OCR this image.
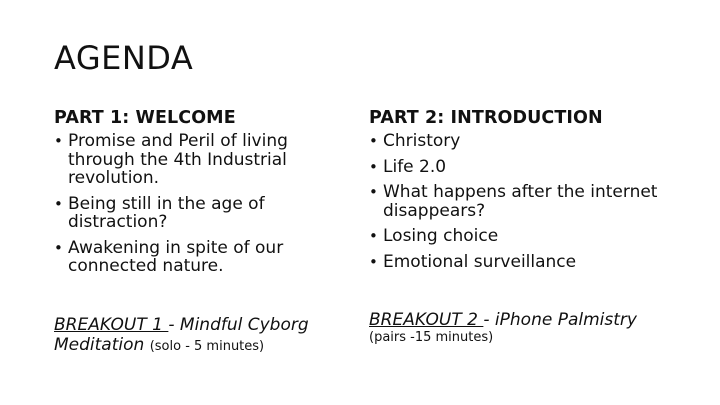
AGENDA
PART 1: WELCOME
• Promise and Peril of living through the 4th Industrial revolution.
• Being still in the age of distraction?
• Awakening in spite of our connected nature.
BREAKOUT 1 - Mindful Cyborg Meditation (solo - 5 minutes)
PART 2: INTRODUCTION
• Christory
• Life 2.0
• What happens after the internet disappears?
• Losing choice
• Emotional surveillance
BREAKOUT 2 - iPhone Palmistry
(pairs -15 minutes)
